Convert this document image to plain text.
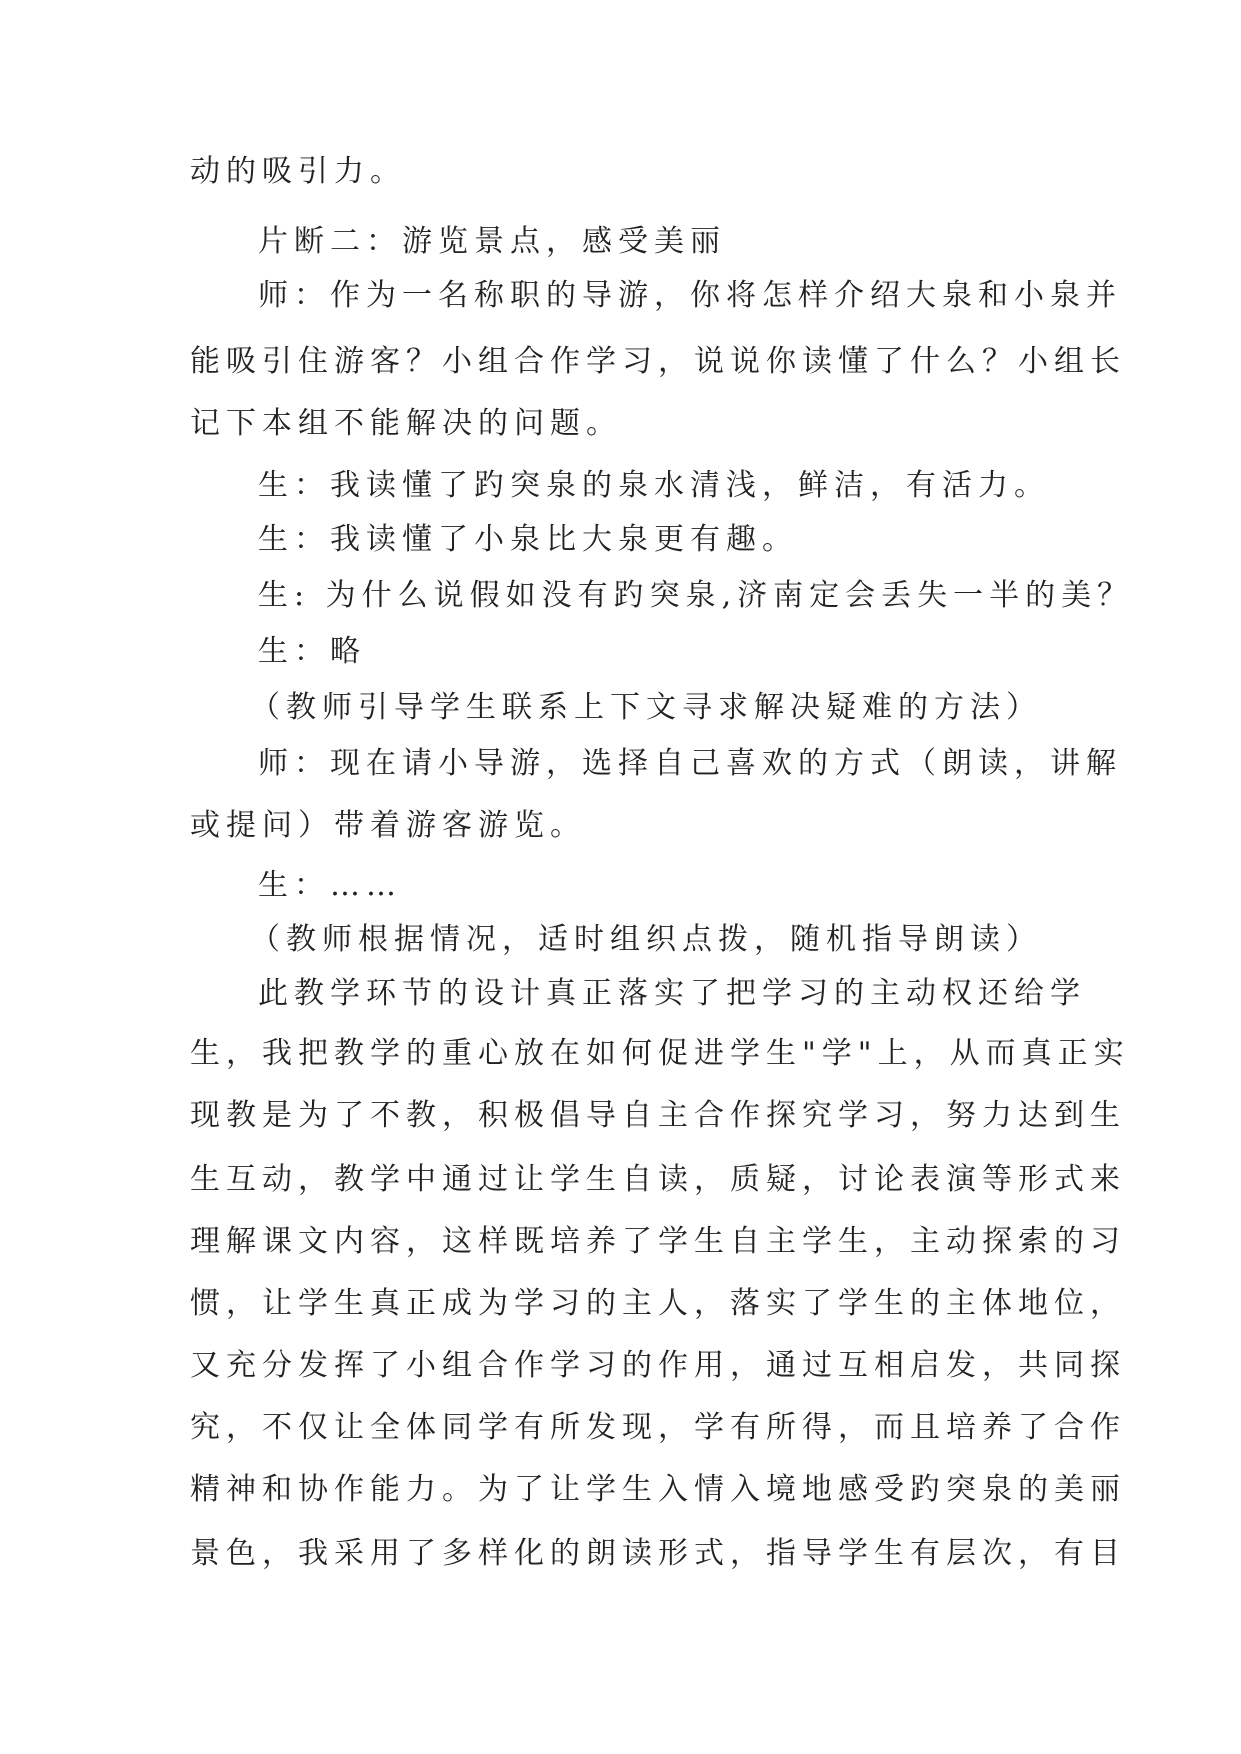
动的吸引力。
片断二：游览景点，感受美丽
师：作为一名称职的导游，你将怎样介绍大泉和小泉并
能吸引住游客？小组合作学习，说说你读懂了什么？小组长
记下本组不能解决的问题。
生：我读懂了趵突泉的泉水清浅，鲜洁，有活力。
生：我读懂了小泉比大泉更有趣。
生: 为什么说假如没有趵突泉,济南定会丢失一半的美？
生：略
（教师引导学生联系上下文寻求解决疑难的方法）
师：现在请小导游，选择自己喜欢的方式（朗读，讲解
或提问）带着游客游览。
生：……
（教师根据情况，适时组织点拨，随机指导朗读）
此教学环节的设计真正落实了把学习的主动权还给学
生，我把教学的重心放在如何促进学生"学"上，从而真正实
现教是为了不教，积极倡导自主合作探究学习，努力达到生
生互动，教学中通过让学生自读，质疑，讨论表演等形式来
理解课文内容，这样既培养了学生自主学生，主动探索的习
惯，让学生真正成为学习的主人，落实了学生的主体地位，
又充分发挥了小组合作学习的作用，通过互相启发，共同探
究，不仅让全体同学有所发现，学有所得，而且培养了合作
精神和协作能力。为了让学生入情入境地感受趵突泉的美丽
景色，我采用了多样化的朗读形式，指导学生有层次，有目
